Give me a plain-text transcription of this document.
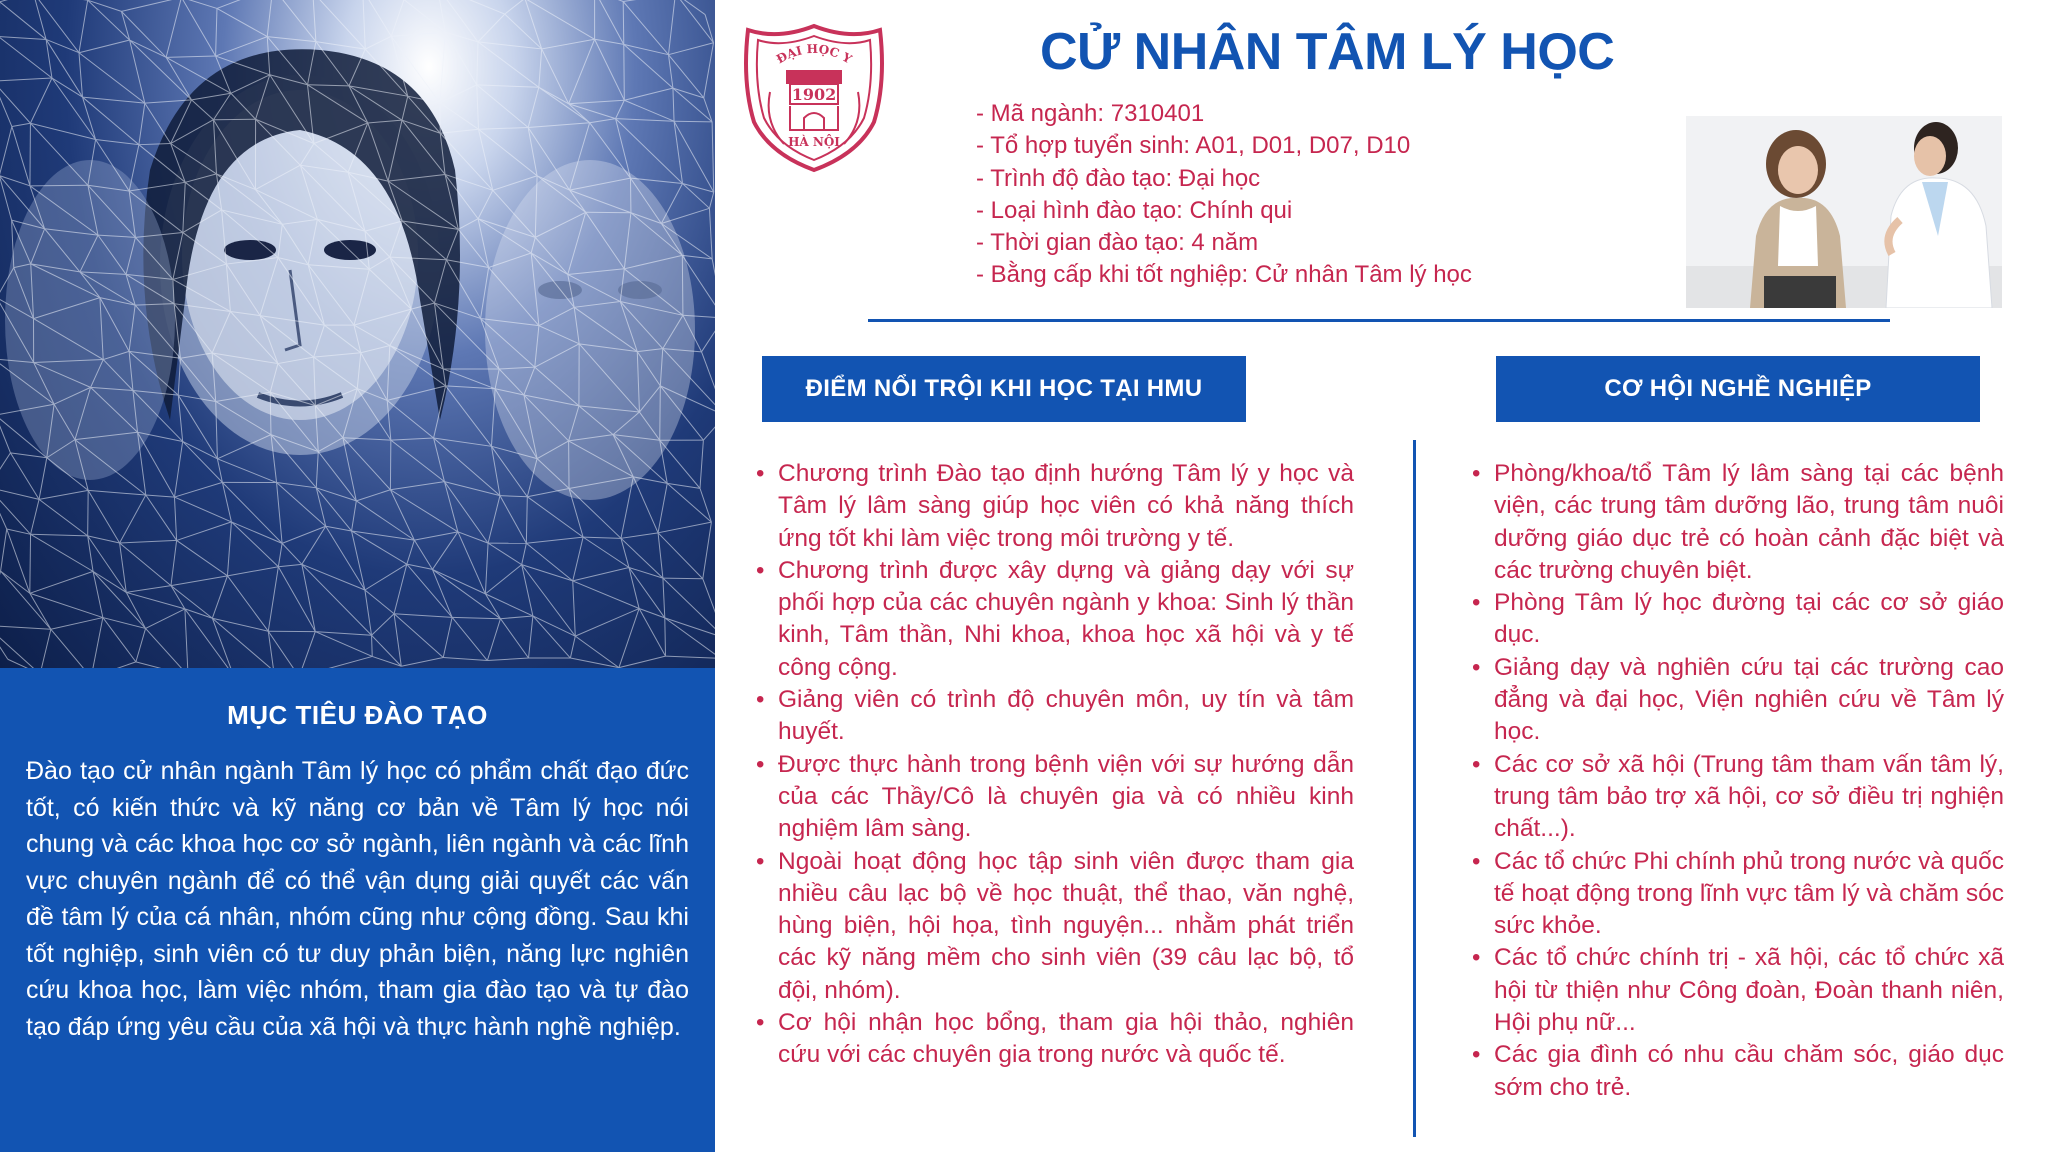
MỤC TIÊU ĐÀO TẠO

Đào tạo cử nhân ngành Tâm lý học có phẩm chất đạo đức tốt, có kiến thức và kỹ năng cơ bản về Tâm lý học nói chung và các khoa học cơ sở ngành, liên ngành và các lĩnh vực chuyên ngành để có thể vận dụng giải quyết các vấn đề tâm lý của cá nhân, nhóm cũng như cộng đồng. Sau khi tốt nghiệp, sinh viên có tư duy phản biện, năng lực nghiên cứu khoa học, làm việc nhóm, tham gia đào tạo và tự đào tạo đáp ứng yêu cầu của xã hội và thực hành nghề nghiệp.

ĐẠI HỌC Y
1902
HÀ NỘI
CỬ NHÂN TÂM LÝ HỌC
- Mã ngành: 7310401
- Tổ hợp tuyển sinh: A01, D01, D07, D10
- Trình độ đào tạo: Đại học
- Loại hình đào tạo: Chính qui
- Thời gian đào tạo: 4 năm
- Bằng cấp khi tốt nghiệp: Cử nhân Tâm lý học
ĐIỂM NỔI TRỘI KHI HỌC TẠI HMU	CƠ HỘI NGHỀ NGHIỆP
• Chương trình Đào tạo định hướng Tâm lý y học và Tâm lý lâm sàng giúp học viên có khả năng thích ứng tốt khi làm việc trong môi trường y tế.
• Chương trình được xây dựng và giảng dạy với sự phối hợp của các chuyên ngành y khoa: Sinh lý thần kinh, Tâm thần, Nhi khoa, khoa học xã hội và y tế công cộng.
• Giảng viên có trình độ chuyên môn, uy tín và tâm huyết.
• Được thực hành trong bệnh viện với sự hướng dẫn của các Thầy/Cô là chuyên gia và có nhiều kinh nghiệm lâm sàng.
• Ngoài hoạt động học tập sinh viên được tham gia nhiều câu lạc bộ về học thuật, thể thao, văn nghệ, hùng biện, hội họa, tình nguyện... nhằm phát triển các kỹ năng mềm cho sinh viên (39 câu lạc bộ, tổ đội, nhóm).
• Cơ hội nhận học bổng, tham gia hội thảo, nghiên cứu với các chuyên gia trong nước và quốc tế.
• Phòng/khoa/tổ Tâm lý lâm sàng tại các bệnh viện, các trung tâm dưỡng lão, trung tâm nuôi dưỡng giáo dục trẻ có hoàn cảnh đặc biệt và các trường chuyên biệt.
• Phòng Tâm lý học đường tại các cơ sở giáo dục.
• Giảng dạy và nghiên cứu tại các trường cao đẳng và đại học, Viện nghiên cứu về Tâm lý học.
• Các cơ sở xã hội (Trung tâm tham vấn tâm lý, trung tâm bảo trợ xã hội, cơ sở điều trị nghiện chất...).
• Các tổ chức Phi chính phủ trong nước và quốc tế hoạt động trong lĩnh vực tâm lý và chăm sóc sức khỏe.
• Các tổ chức chính trị - xã hội, các tổ chức xã hội từ thiện như Công đoàn, Đoàn thanh niên, Hội phụ nữ...
• Các gia đình có nhu cầu chăm sóc, giáo dục sớm cho trẻ.
